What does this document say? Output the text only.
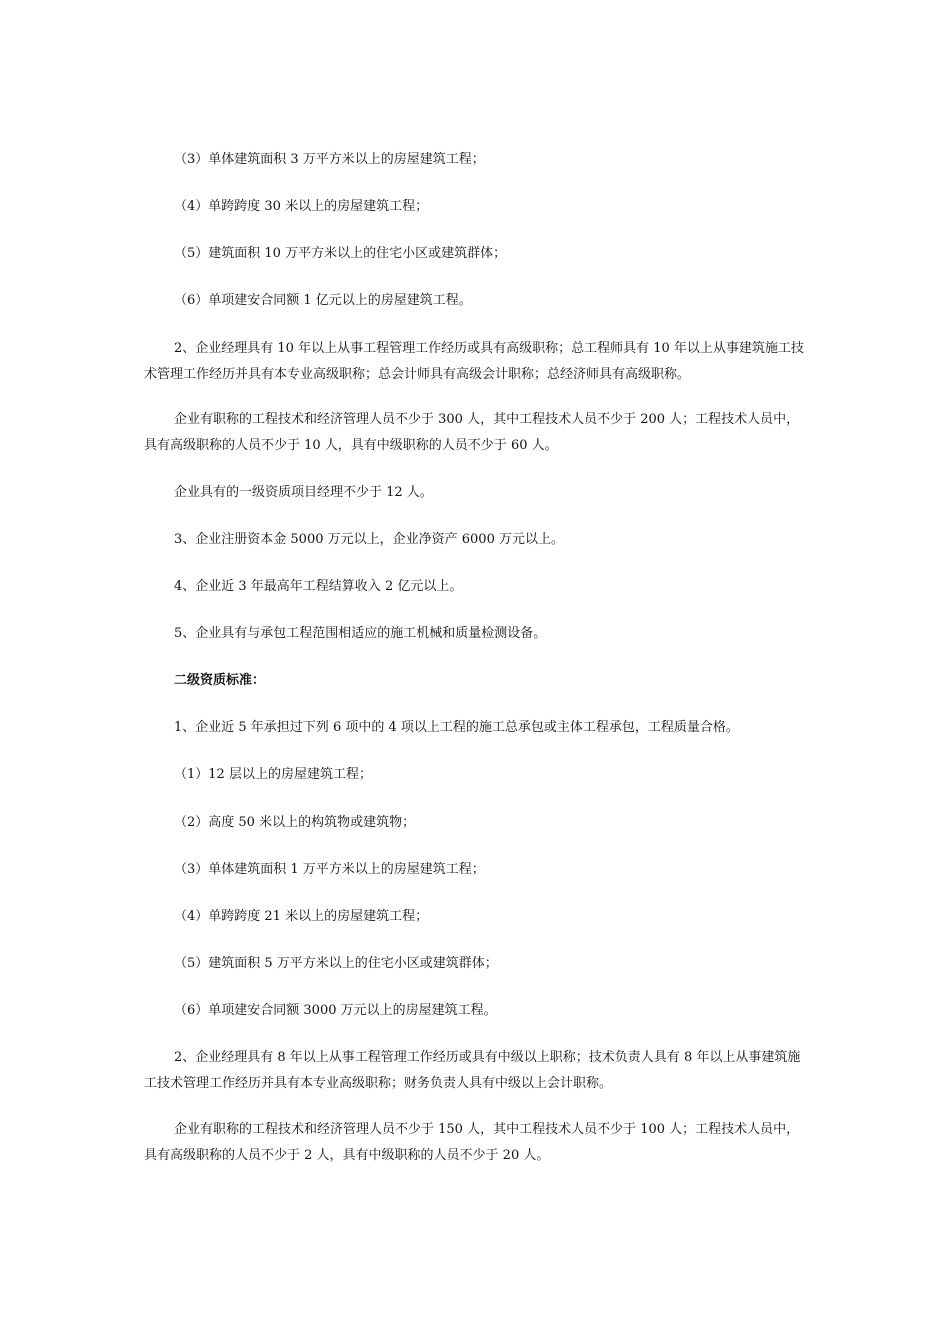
（3）单体建筑面积 3 万平方米以上的房屋建筑工程；

（4）单跨跨度 30 米以上的房屋建筑工程；

（5）建筑面积 10 万平方米以上的住宅小区或建筑群体；

（6）单项建安合同额 1 亿元以上的房屋建筑工程。

2、企业经理具有 10 年以上从事工程管理工作经历或具有高级职称；总工程师具有 10 年以上从事建筑施工技术管理工作经历并具有本专业高级职称；总会计师具有高级会计职称；总经济师具有高级职称。

企业有职称的工程技术和经济管理人员不少于 300 人，其中工程技术人员不少于 200 人；工程技术人员中，具有高级职称的人员不少于 10 人，具有中级职称的人员不少于 60 人。

企业具有的一级资质项目经理不少于 12 人。

3、企业注册资本金 5000 万元以上，企业净资产 6000 万元以上。

4、企业近 3 年最高年工程结算收入 2 亿元以上。

5、企业具有与承包工程范围相适应的施工机械和质量检测设备。

二级资质标准：

1、企业近 5 年承担过下列 6 项中的 4 项以上工程的施工总承包或主体工程承包，工程质量合格。

（1）12 层以上的房屋建筑工程；

（2）高度 50 米以上的构筑物或建筑物；

（3）单体建筑面积 1 万平方米以上的房屋建筑工程；

（4）单跨跨度 21 米以上的房屋建筑工程；

（5）建筑面积 5 万平方米以上的住宅小区或建筑群体；

（6）单项建安合同额 3000 万元以上的房屋建筑工程。

2、企业经理具有 8 年以上从事工程管理工作经历或具有中级以上职称；技术负责人具有 8 年以上从事建筑施工技术管理工作经历并具有本专业高级职称；财务负责人具有中级以上会计职称。

企业有职称的工程技术和经济管理人员不少于 150 人，其中工程技术人员不少于 100 人；工程技术人员中，具有高级职称的人员不少于 2 人，具有中级职称的人员不少于 20 人。
